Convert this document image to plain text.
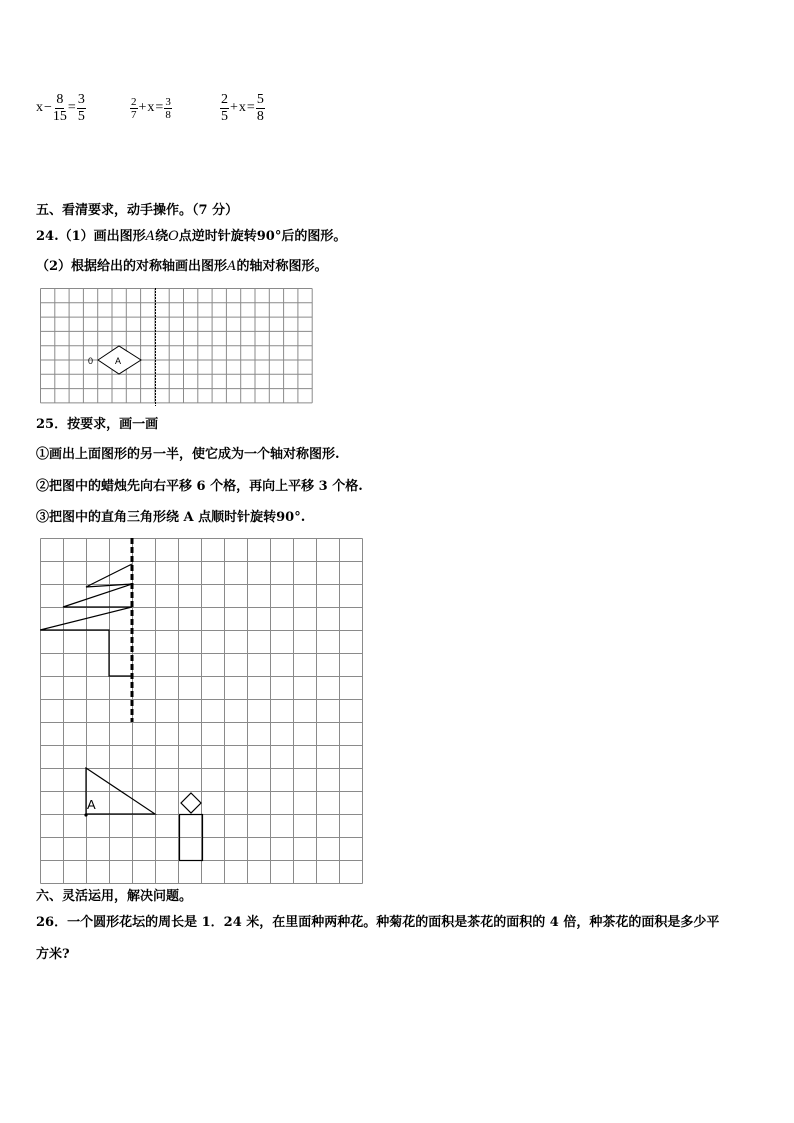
$x - \frac{8}{15} = \frac{3}{5}$	$\frac{2}{7} + x = \frac{3}{8}$	$\frac{2}{5} + x = \frac{5}{8}$
五、看清要求，动手操作。（7 分）
24.（1）画出图形A绕O点逆时针旋转90°后的图形。
（2）根据给出的对称轴画出图形A的轴对称图形。
0 A
25．按要求，画一画
①画出上面图形的另一半，使它成为一个轴对称图形.
②把图中的蜡烛先向右平移 6 个格，再向上平移 3 个格.
③把图中的直角三角形绕 A 点顺时针旋转90°.
A
六、灵活运用，解决问题。
26．一个圆形花坛的周长是 1．24 米，在里面种两种花。种菊花的面积是茶花的面积的 4 倍，种茶花的面积是多少平
方米?
